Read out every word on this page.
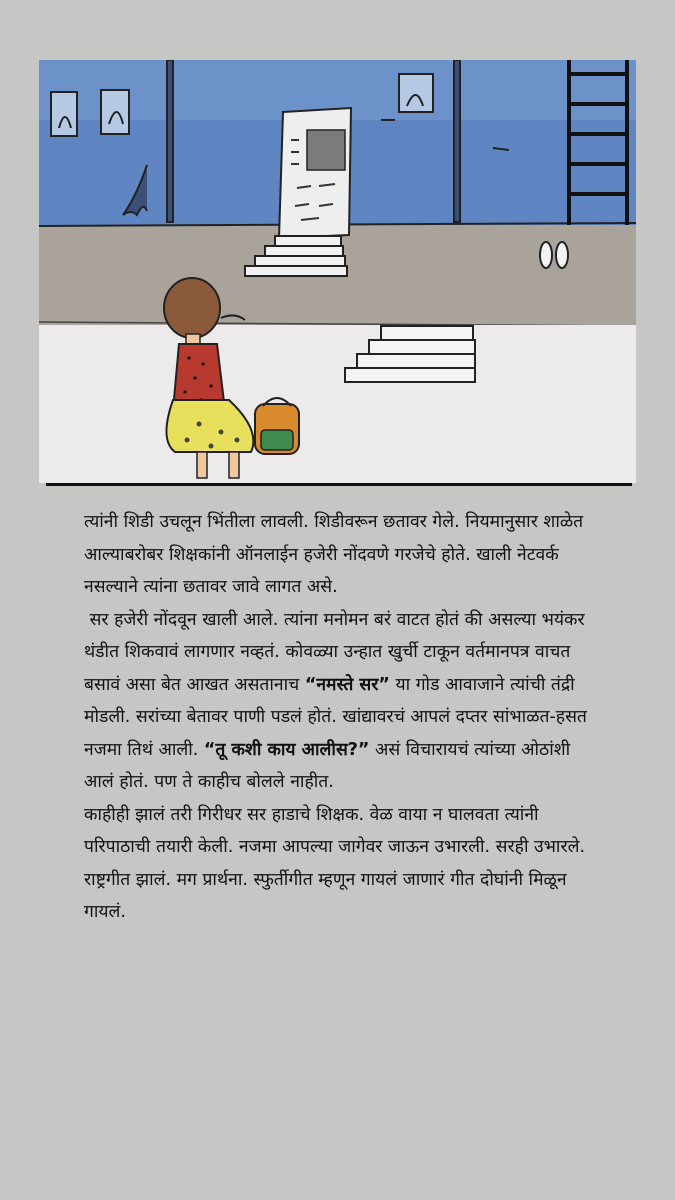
त्यांनी शिडी उचलून भिंतीला लावली. शिडीवरून छतावर गेले. नियमानुसार शाळेत आल्याबरोबर शिक्षकांनी ऑनलाईन हजेरी नोंदवणे गरजेचे होते. खाली नेटवर्क नसल्याने त्यांना छतावर जावे लागत असे.

सर हजेरी नोंदवून खाली आले. त्यांना मनोमन बरं वाटत होतं की असल्या भयंकर थंडीत शिकवावं लागणार नव्हतं. कोवळ्या उन्हात खुर्ची टाकून वर्तमानपत्र वाचत बसावं असा बेत आखत असतानाच “नमस्ते सर” या गोड आवाजाने त्यांची तंद्री मोडली. सरांच्या बेतावर पाणी पडलं होतं. खांद्यावरचं आपलं दप्तर सांभाळत-हसत नजमा तिथं आली. “तू कशी काय आलीस?” असं विचारायचं त्यांच्या ओठांशी आलं होतं. पण ते काहीच बोलले नाहीत.

काहीही झालं तरी गिरीधर सर हाडाचे शिक्षक. वेळ वाया न घालवता त्यांनी परिपाठाची तयारी केली. नजमा आपल्या जागेवर जाऊन उभारली. सरही उभारले. राष्ट्रगीत झालं. मग प्रार्थना. स्फुर्तीगीत म्हणून गायलं जाणारं गीत दोघांनी मिळून गायलं.
